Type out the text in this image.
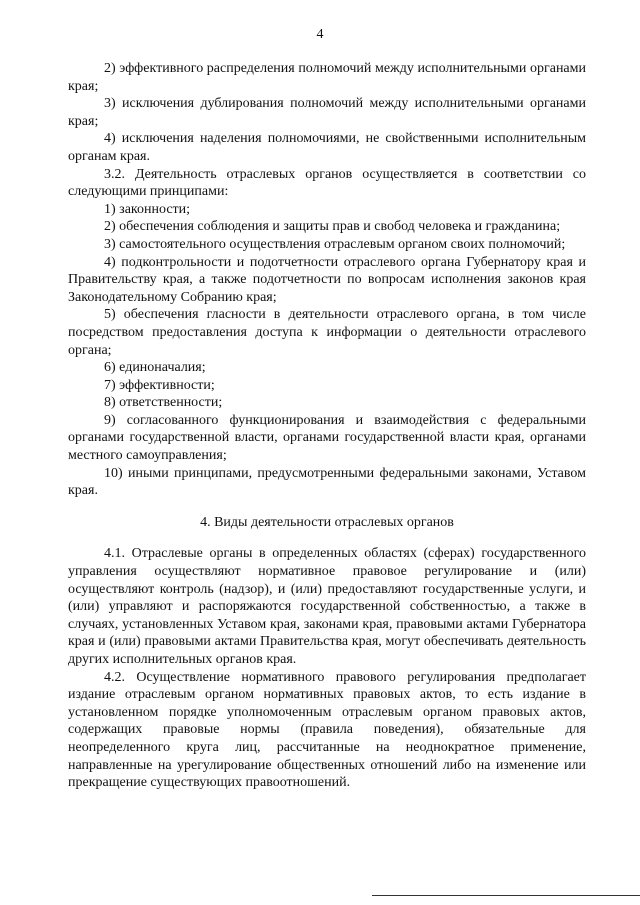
4

2) эффективного распределения полномочий между исполнительными органами края;

3) исключения дублирования полномочий между исполнительными органами края;

4) исключения наделения полномочиями, не свойственными исполнительным органам края.

3.2. Деятельность отраслевых органов осуществляется в соответствии со следующими принципами:

1) законности;

2) обеспечения соблюдения и защиты прав и свобод человека и гражданина;

3) самостоятельного осуществления отраслевым органом своих полномочий;

4) подконтрольности и подотчетности отраслевого органа Губернатору края и Правительству края, а также подотчетности по вопросам исполнения законов края Законодательному Собранию края;

5) обеспечения гласности в деятельности отраслевого органа, в том числе посредством предоставления доступа к информации о деятельности отраслевого органа;

6) единоначалия;

7) эффективности;

8) ответственности;

9) согласованного функционирования и взаимодействия с федеральными органами государственной власти, органами государственной власти края, органами местного самоуправления;

10) иными принципами, предусмотренными федеральными законами, Уставом края.

4. Виды деятельности отраслевых органов

4.1. Отраслевые органы в определенных областях (сферах) государственного управления осуществляют нормативное правовое регулирование и (или) осуществляют контроль (надзор), и (или) предоставляют государственные услуги, и (или) управляют и распоряжаются государственной собственностью, а также в случаях, установленных Уставом края, законами края, правовыми актами Губернатора края и (или) правовыми актами Правительства края, могут обеспечивать деятельность других исполнительных органов края.

4.2. Осуществление нормативного правового регулирования предполагает издание отраслевым органом нормативных правовых актов, то есть издание в установленном порядке уполномоченным отраслевым органом правовых актов, содержащих правовые нормы (правила поведения), обязательные для неопределенного круга лиц, рассчитанные на неоднократное применение, направленные на урегулирование общественных отношений либо на изменение или прекращение существующих правоотношений.
